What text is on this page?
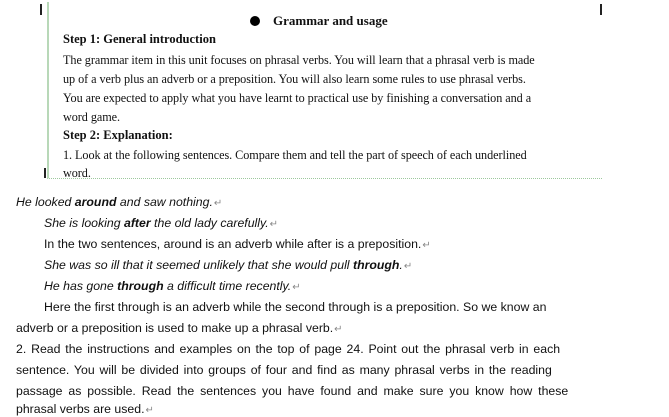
Grammar and usage
Step 1: General introduction
The grammar item in this unit focuses on phrasal verbs. You will learn that a phrasal verb is made
up of a verb plus an adverb or a preposition. You will also learn some rules to use phrasal verbs.
You are expected to apply what you have learnt to practical use by finishing a conversation and a
word game.
Step 2: Explanation:
1. Look at the following sentences. Compare them and tell the part of speech of each underlined
word.
He looked around and saw nothing.↵
She is looking after the old lady carefully.↵
In the two sentences, around is an adverb while after is a preposition.↵
She was so ill that it seemed unlikely that she would pull through.↵
He has gone through a difficult time recently.↵
Here the first through is an adverb while the second through is a preposition. So we know an
adverb or a preposition is used to make up a phrasal verb.↵
2. Read the instructions and examples on the top of page 24. Point out the phrasal verb in each
sentence. You will be divided into groups of four and find as many phrasal verbs in the reading
passage as possible. Read the sentences you have found and make sure you know how these
phrasal verbs are used.↵
